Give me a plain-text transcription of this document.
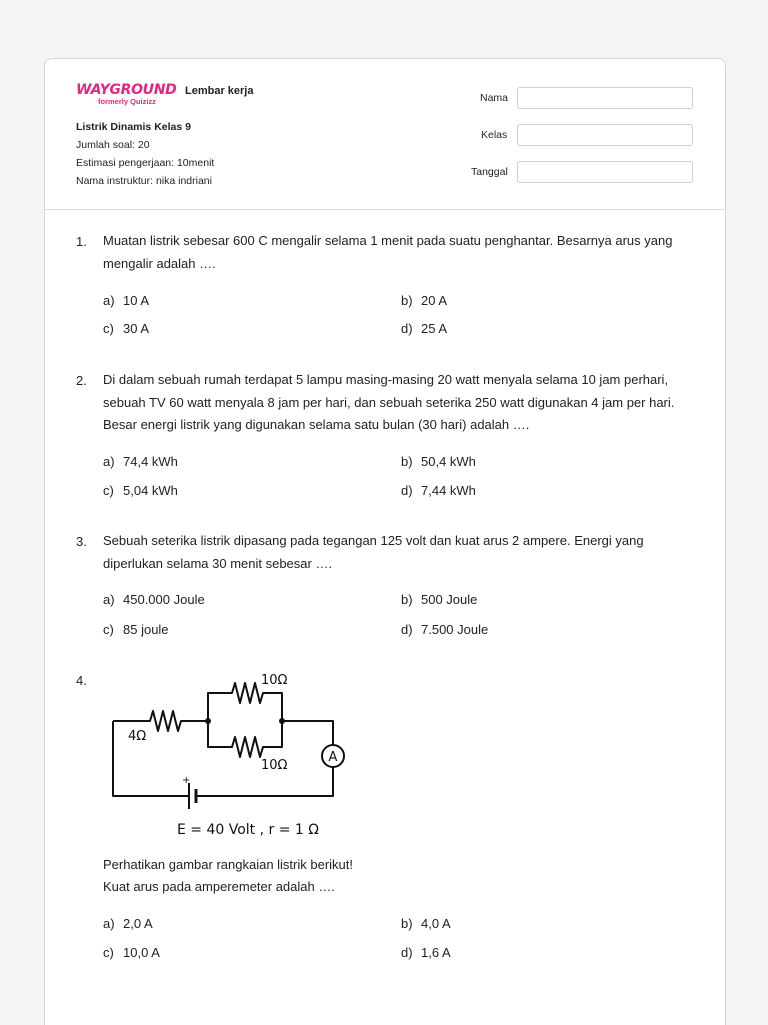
WAYGROUND
formerly Quizizz
Lembar kerja
Listrik Dinamis Kelas 9
Jumlah soal: 20
Estimasi pengerjaan: 10menit
Nama instruktur: nika indriani
Nama
Kelas
Tanggal
1. Muatan listrik sebesar 600 C mengalir selama 1 menit pada suatu penghantar. Besarnya arus yang mengalir adalah ….
a) 10 A	b) 20 A
c) 30 A	d) 25 A
2. Di dalam sebuah rumah terdapat 5 lampu masing-masing 20 watt menyala selama 10 jam perhari, sebuah TV 60 watt menyala 8 jam per hari, dan sebuah seterika 250 watt digunakan 4 jam per hari. Besar energi listrik yang digunakan selama satu bulan (30 hari) adalah ….
a) 74,4 kWh	b) 50,4 kWh
c) 5,04 kWh	d) 7,44 kWh
3. Sebuah seterika listrik dipasang pada tegangan 125 volt dan kuat arus 2 ampere. Energi yang diperlukan selama 30 menit sebesar ….
a) 450.000 Joule	b) 500 Joule
c) 85 joule	d) 7.500 Joule
4.
4Ω
10Ω
10Ω
A
+
E = 40 Volt , r = 1 Ω
Perhatikan gambar rangkaian listrik berikut!
Kuat arus pada amperemeter adalah ….
a) 2,0 A	b) 4,0 A
c) 10,0 A	d) 1,6 A
